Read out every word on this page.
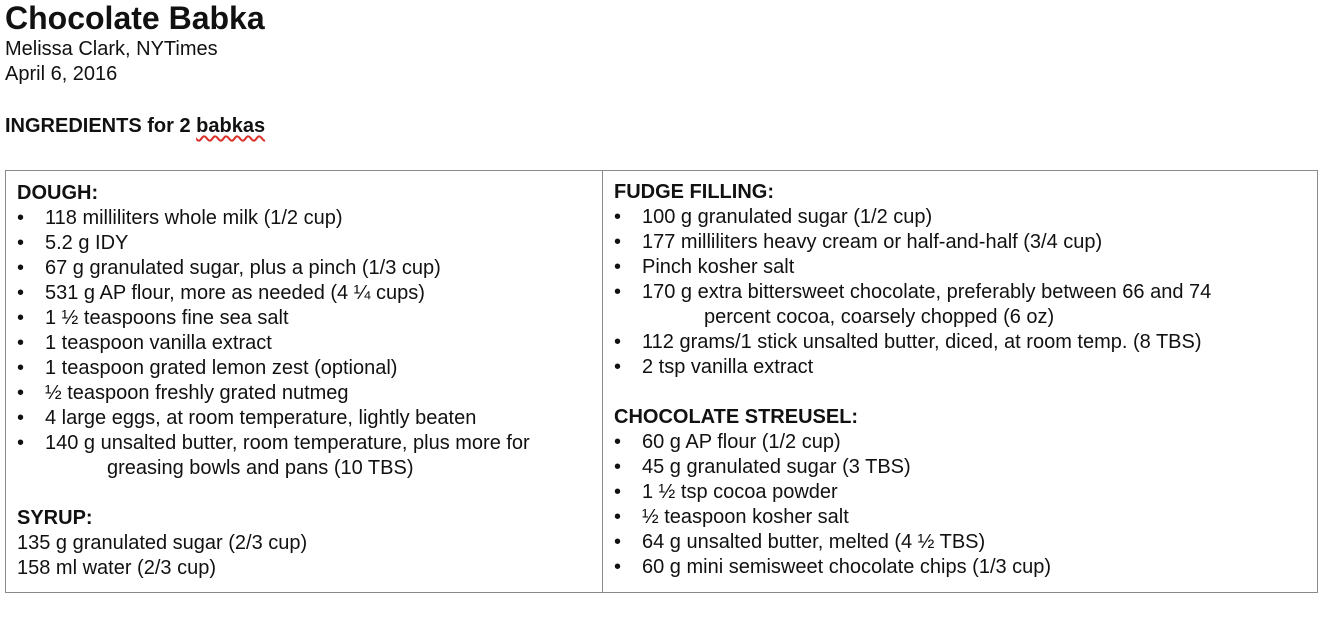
Chocolate Babka

Melissa Clark, NYTimes

April 6, 2016

INGREDIENTS for 2 babkas

DOUGH:

•	118 milliliters whole milk (1/2 cup)
•	5.2 g IDY
•	67 g granulated sugar, plus a pinch (1/3 cup)
•	531 g AP flour, more as needed (4 ¼ cups)
•	1 ½ teaspoons fine sea salt
•	1 teaspoon vanilla extract
•	1 teaspoon grated lemon zest (optional)
•	½ teaspoon freshly grated nutmeg
•	4 large eggs, at room temperature, lightly beaten
•	140 g unsalted butter, room temperature, plus more for
greasing bowls and pans (10 TBS)

SYRUP:

135 g granulated sugar (2/3 cup)

158 ml water (2/3 cup)

FUDGE FILLING:

•	100 g granulated sugar (1/2 cup)
•	177 milliliters heavy cream or half-and-half (3/4 cup)
•	Pinch kosher salt
•	170 g extra bittersweet chocolate, preferably between 66 and 74
percent cocoa, coarsely chopped (6 oz)
•	112 grams/1 stick unsalted butter, diced, at room temp. (8 TBS)
•	2 tsp vanilla extract

CHOCOLATE STREUSEL:

•	60 g AP flour (1/2 cup)
•	45 g granulated sugar (3 TBS)
•	1 ½ tsp cocoa powder
•	½ teaspoon kosher salt
•	64 g unsalted butter, melted (4 ½ TBS)
•	60 g mini semisweet chocolate chips (1/3 cup)
